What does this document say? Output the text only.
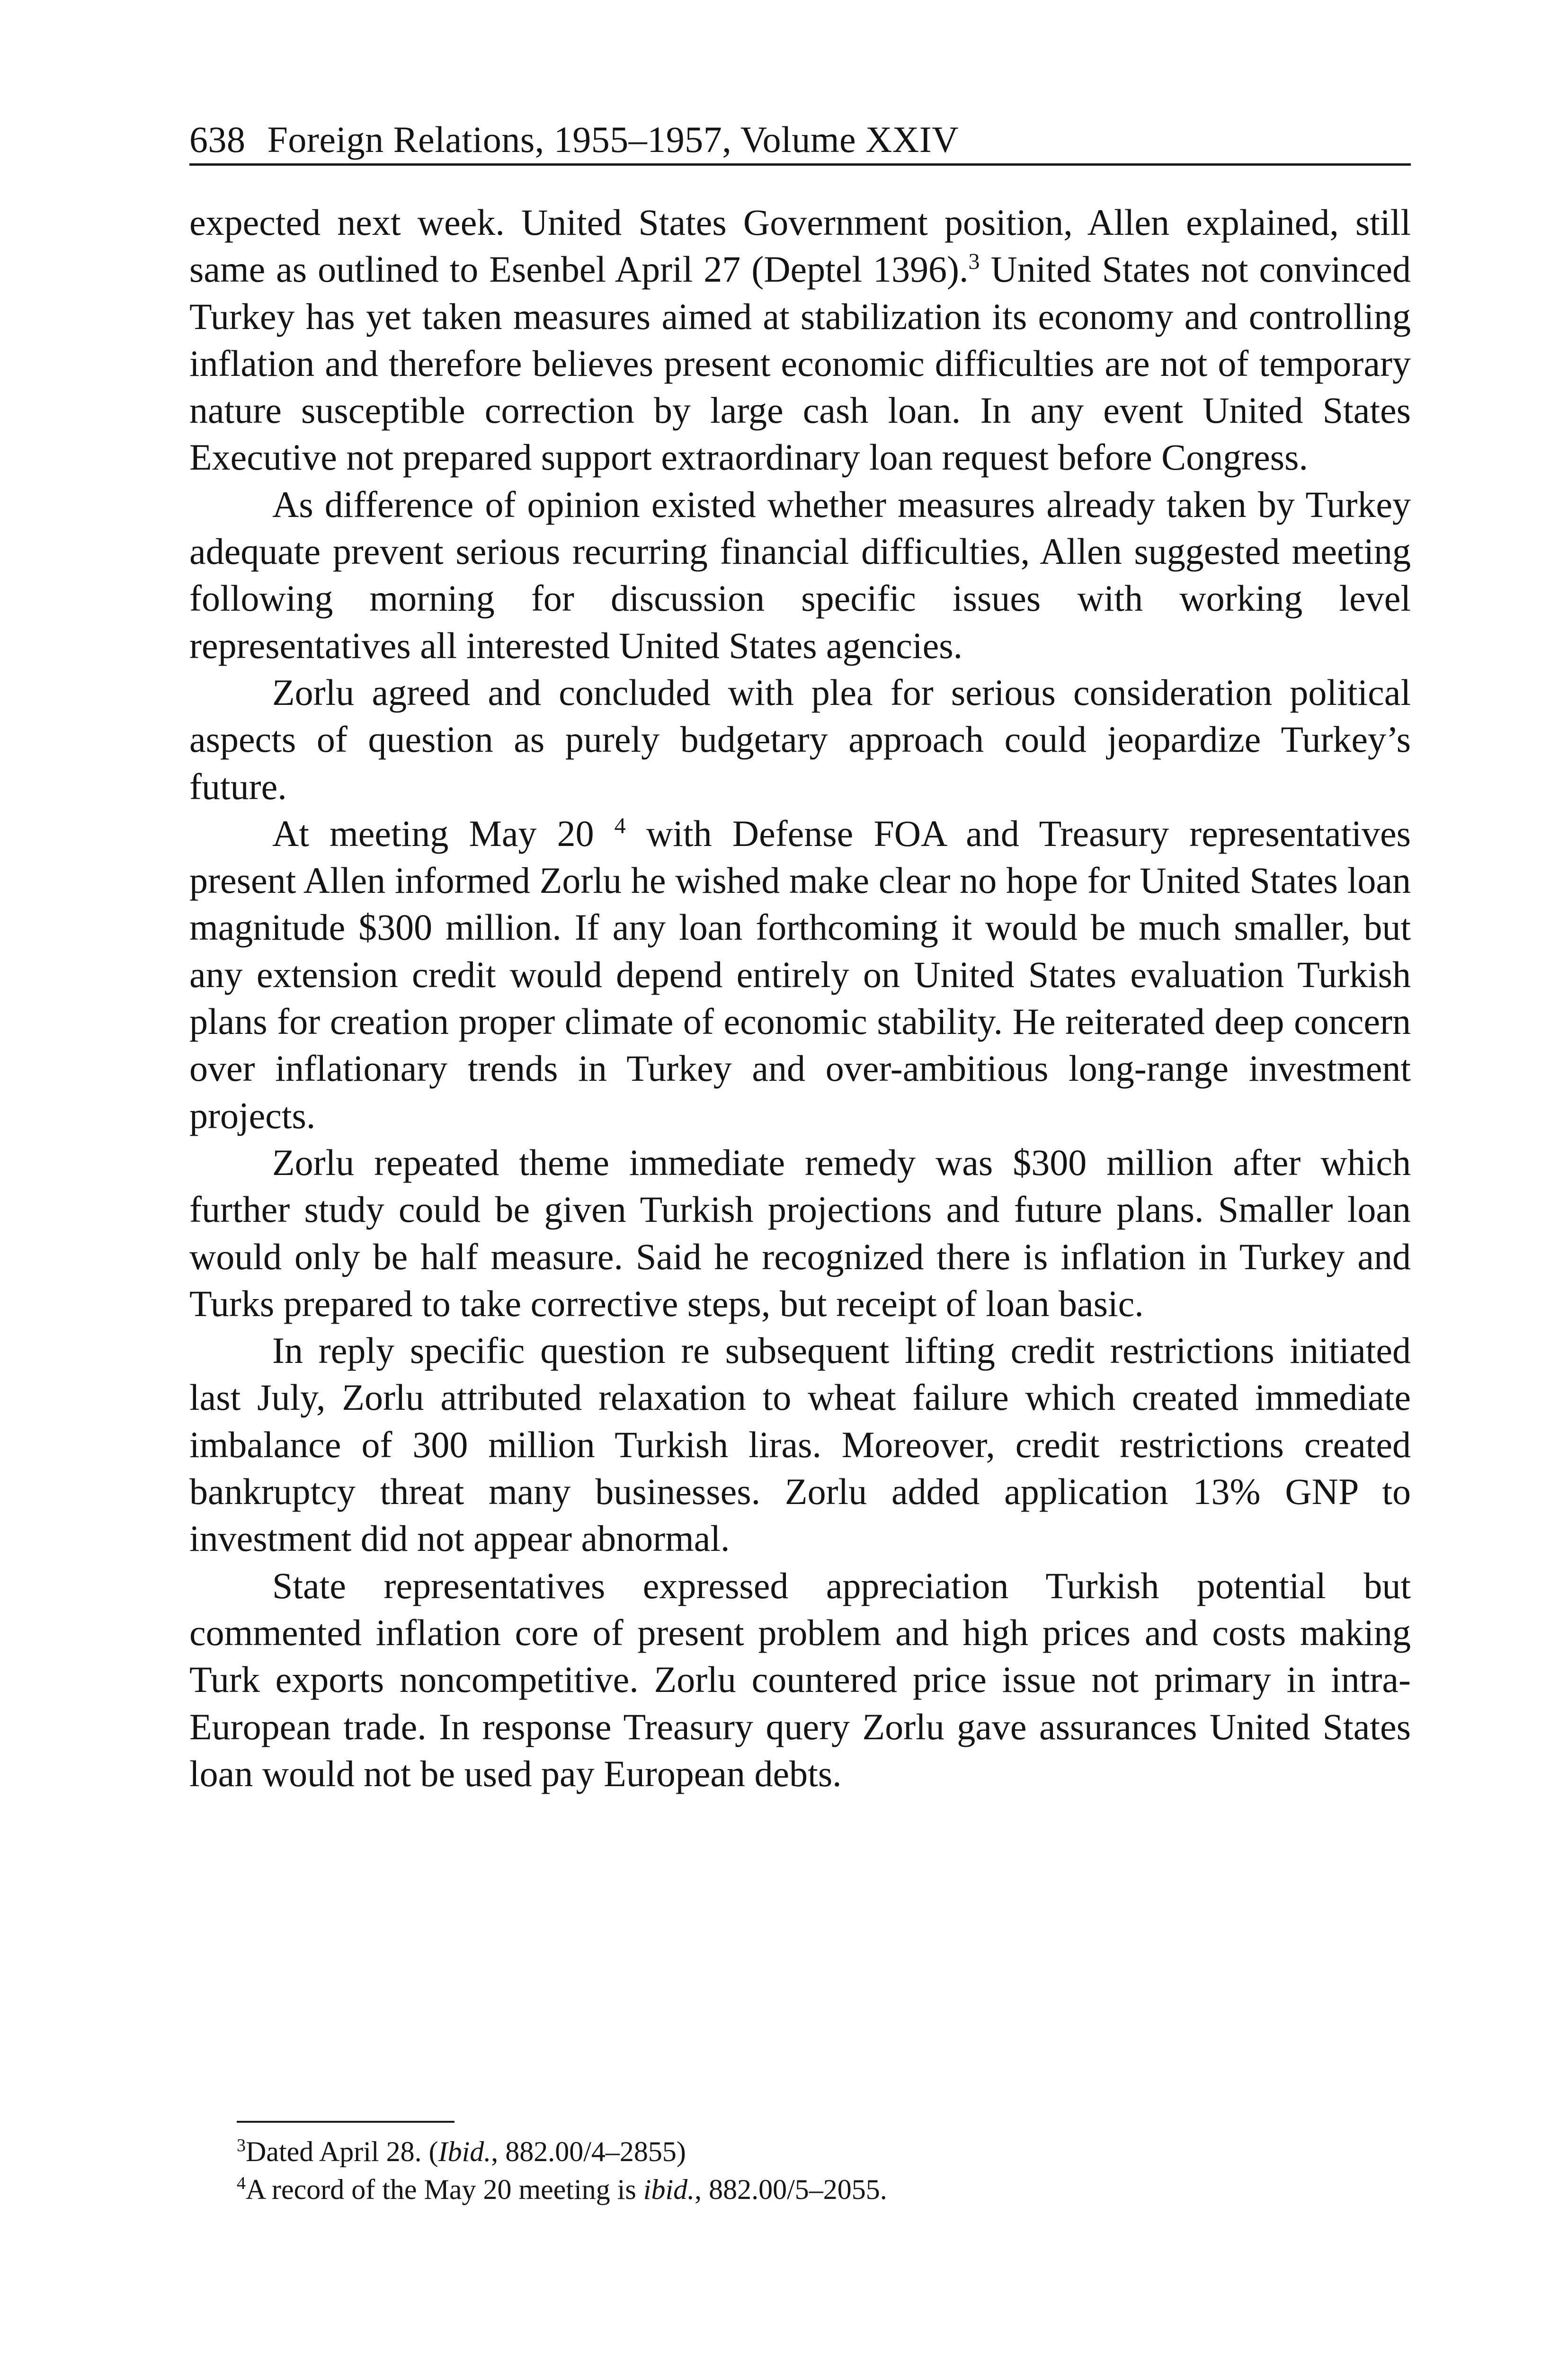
638 Foreign Relations, 1955–1957, Volume XXIV

expected next week. United States Government position, Allen explained, still same as outlined to Esenbel April 27 (Deptel 1396).$^3$ United States not convinced Turkey has yet taken measures aimed at stabilization its economy and controlling inflation and therefore believes present economic difficulties are not of temporary nature susceptible correction by large cash loan. In any event United States Executive not prepared support extraordinary loan request before Congress.

As difference of opinion existed whether measures already taken by Turkey adequate prevent serious recurring financial difficulties, Allen suggested meeting following morning for discussion specific issues with working level representatives all interested United States agencies.

Zorlu agreed and concluded with plea for serious consideration political aspects of question as purely budgetary approach could jeopardize Turkey’s future.

At meeting May 20 $^4$ with Defense FOA and Treasury representatives present Allen informed Zorlu he wished make clear no hope for United States loan magnitude $300 million. If any loan forthcoming it would be much smaller, but any extension credit would depend entirely on United States evaluation Turkish plans for creation proper climate of economic stability. He reiterated deep concern over inflationary trends in Turkey and over-ambitious long-range investment projects.

Zorlu repeated theme immediate remedy was $300 million after which further study could be given Turkish projections and future plans. Smaller loan would only be half measure. Said he recognized there is inflation in Turkey and Turks prepared to take corrective steps, but receipt of loan basic.

In reply specific question re subsequent lifting credit restrictions initiated last July, Zorlu attributed relaxation to wheat failure which created immediate imbalance of 300 million Turkish liras. Moreover, credit restrictions created bankruptcy threat many businesses. Zorlu added application 13% GNP to investment did not appear abnormal.

State representatives expressed appreciation Turkish potential but commented inflation core of present problem and high prices and costs making Turk exports noncompetitive. Zorlu countered price issue not primary in intra-European trade. In response Treasury query Zorlu gave assurances United States loan would not be used pay European debts.

$^3$Dated April 28. (Ibid., 882.00/4–2855)

$^4$A record of the May 20 meeting is ibid., 882.00/5–2055.
